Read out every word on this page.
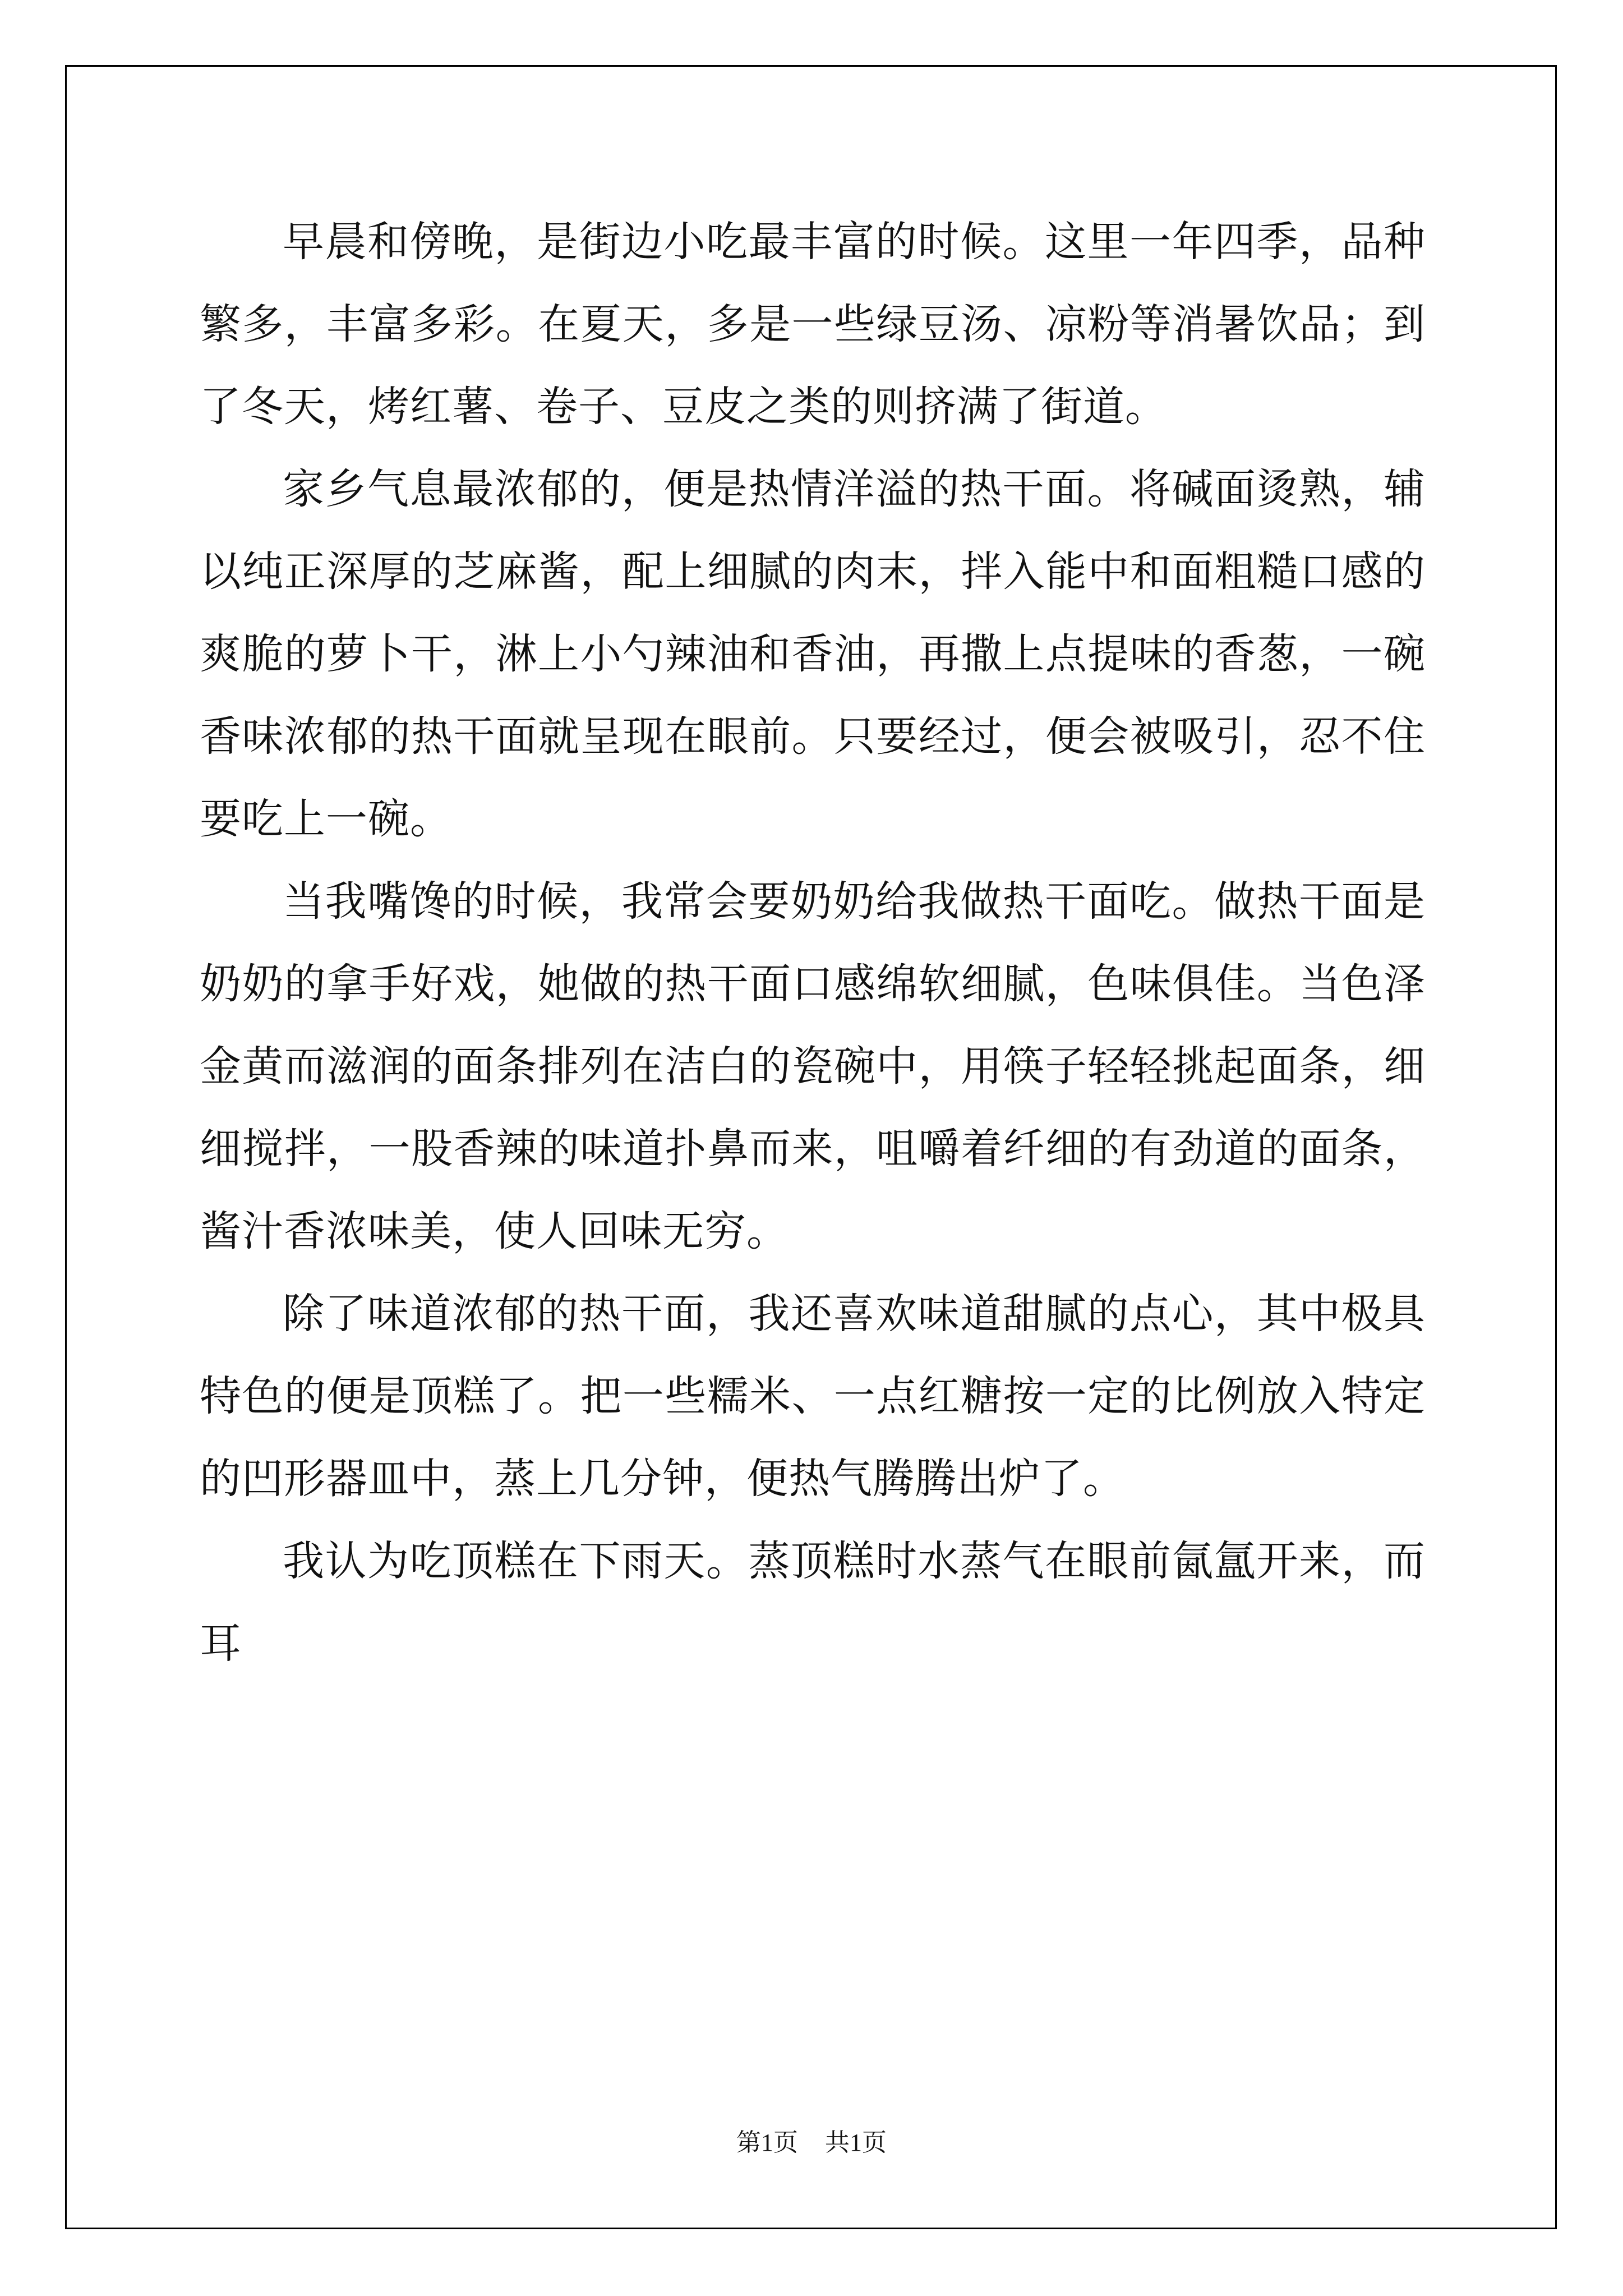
早晨和傍晚，是街边小吃最丰富的时候。这里一年四季，品种繁多，丰富多彩。在夏天，多是一些绿豆汤、凉粉等消暑饮品；到了冬天，烤红薯、卷子、豆皮之类的则挤满了街道。

家乡气息最浓郁的，便是热情洋溢的热干面。将碱面烫熟，辅以纯正深厚的芝麻酱，配上细腻的肉末，拌入能中和面粗糙口感的爽脆的萝卜干，淋上小勺辣油和香油，再撒上点提味的香葱，一碗香味浓郁的热干面就呈现在眼前。只要经过，便会被吸引，忍不住要吃上一碗。

当我嘴馋的时候，我常会要奶奶给我做热干面吃。做热干面是奶奶的拿手好戏，她做的热干面口感绵软细腻，色味俱佳。当色泽金黄而滋润的面条排列在洁白的瓷碗中，用筷子轻轻挑起面条，细细搅拌，一股香辣的味道扑鼻而来，咀嚼着纤细的有劲道的面条，酱汁香浓味美，使人回味无穷。

除了味道浓郁的热干面，我还喜欢味道甜腻的点心，其中极具特色的便是顶糕了。把一些糯米、一点红糖按一定的比例放入特定的凹形器皿中，蒸上几分钟，便热气腾腾出炉了。

我认为吃顶糕在下雨天。蒸顶糕时水蒸气在眼前氤氲开来，而耳

第1页 共1页
